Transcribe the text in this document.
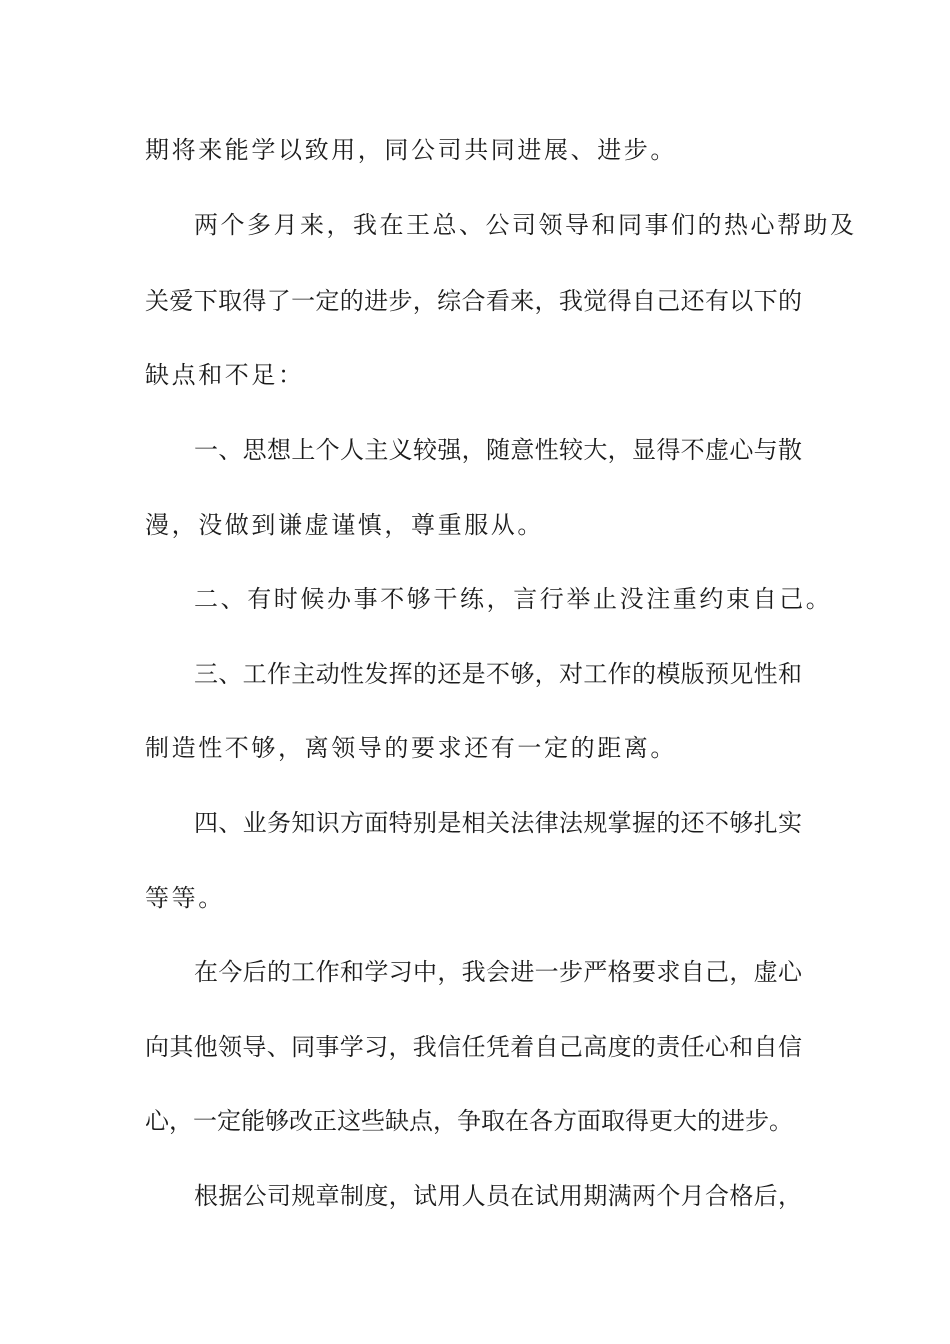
期将来能学以致用，同公司共同进展、进步。
两个多月来，我在王总、公司领导和同事们的热心帮助及
关爱下取得了一定的进步，综合看来，我觉得自己还有以下的
缺点和不足：
一、思想上个人主义较强，随意性较大，显得不虚心与散
漫，没做到谦虚谨慎，尊重服从。
二、有时候办事不够干练，言行举止没注重约束自己。
三、工作主动性发挥的还是不够，对工作的模版预见性和
制造性不够，离领导的要求还有一定的距离。
四、业务知识方面特别是相关法律法规掌握的还不够扎实
等等。
在今后的工作和学习中，我会进一步严格要求自己，虚心
向其他领导、同事学习，我信任凭着自己高度的责任心和自信
心，一定能够改正这些缺点，争取在各方面取得更大的进步。
根据公司规章制度，试用人员在试用期满两个月合格后，
